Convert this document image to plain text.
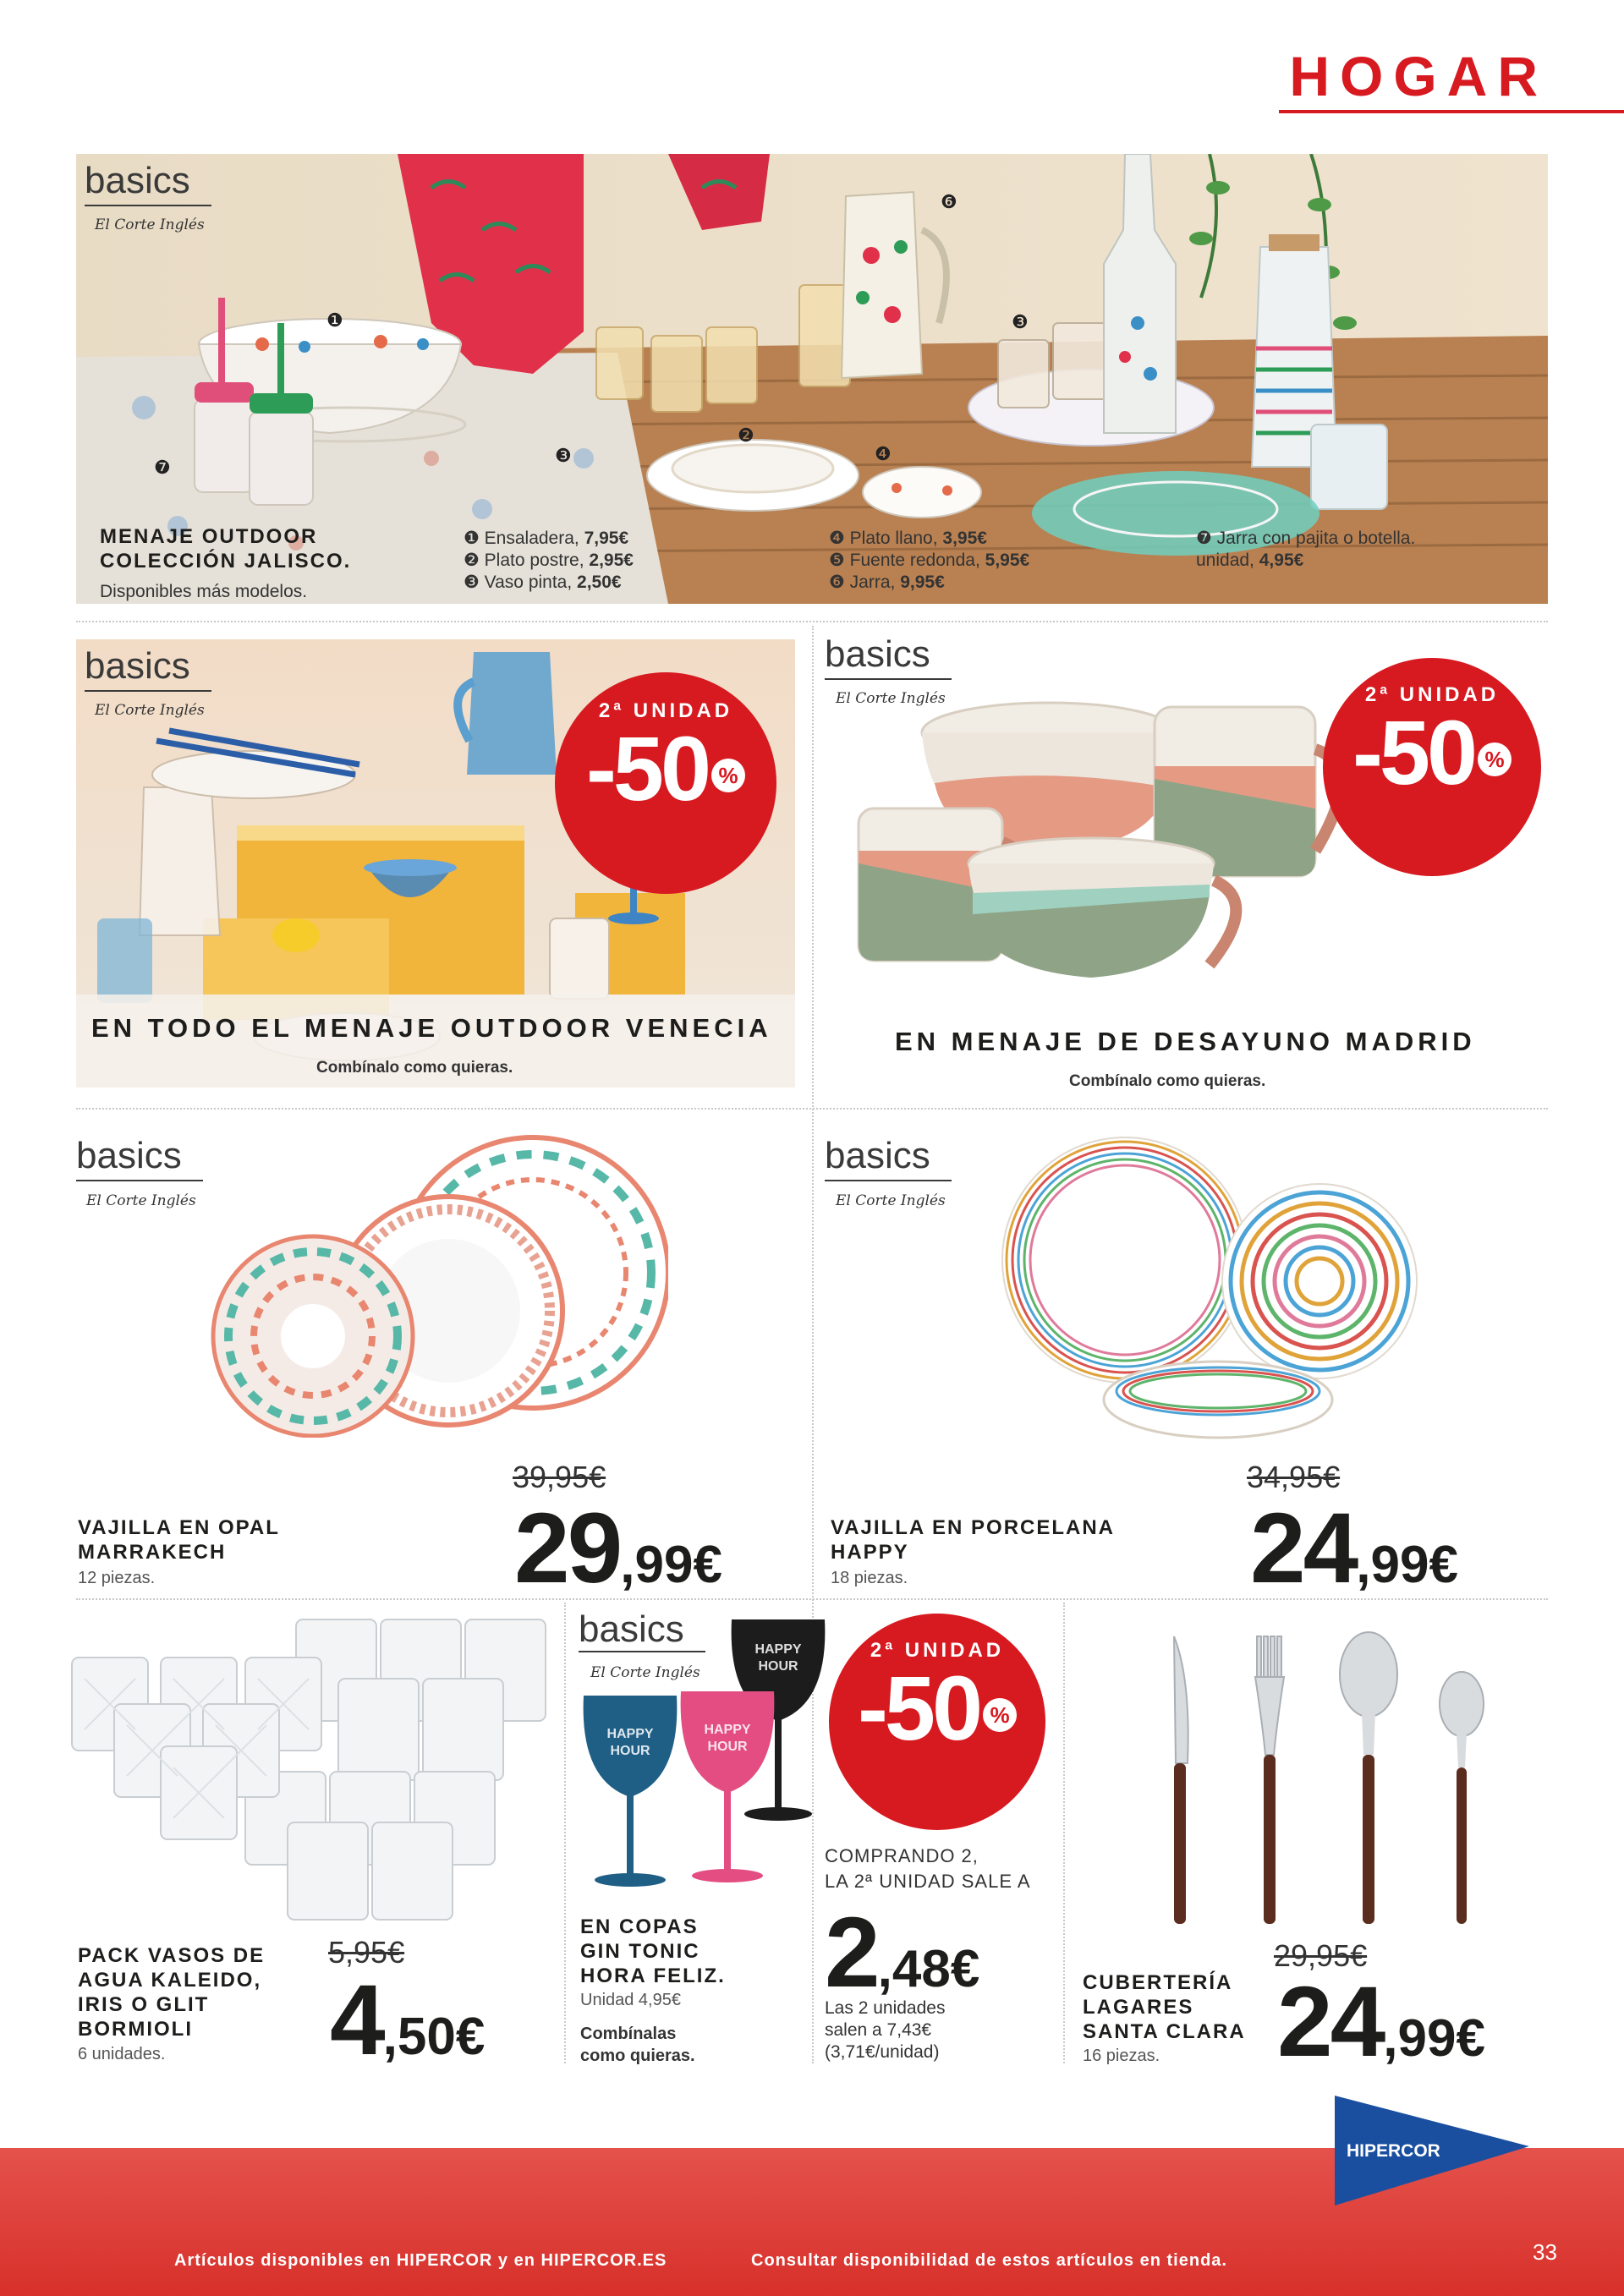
HOGAR
❶
❷
❸	❹
❻
❸
❼
basics
El Corte Inglés
MENAJE OUTDOOR
COLECCIÓN JALISCO.
Disponibles más modelos.
❶ Ensaladera, 7,95€
❷ Plato postre, 2,95€
❸ Vaso pinta, 2,50€
❹ Plato llano, 3,95€
❺ Fuente redonda, 5,95€
❻ Jarra, 9,95€
❼ Jarra con pajita o botella.
unidad, 4,95€
basics
El Corte Inglés	2ª UNIDAD
-50 %
EN TODO EL MENAJE OUTDOOR VENECIA
Combínalo como quieras.
basics
El Corte Inglés	2ª UNIDAD
-50 %
EN MENAJE DE DESAYUNO MADRID
Combínalo como quieras.
basics
El Corte Inglés
39,95€
29,99€
VAJILLA EN OPAL
MARRAKECH
12 piezas.
basics
El Corte Inglés
34,95€
24,99€
VAJILLA EN PORCELANA
HAPPY
18 piezas.
5,95€
4,50€
PACK VASOS DE
AGUA KALEIDO,
IRIS O GLIT
BORMIOLI
6 unidades.
HAPPY
HOUR
HAPPY
HOUR
HAPPY
HOUR
basics
El Corte Inglés
2ª UNIDAD
-50 %
COMPRANDO 2,
LA 2ª UNIDAD SALE A
2,48€
Las 2 unidades
salen a 7,43€
(3,71€/unidad)
EN COPAS
GIN TONIC
HORA FELIZ.
Unidad 4,95€
Combínalas
como quieras.
29,95€
24,99€
CUBERTERÍA
LAGARES
SANTA CLARA
16 piezas.
HIPERCOR
Artículos disponibles en HIPERCOR y en HIPERCOR.ES	Consultar disponibilidad de estos artículos en tienda.	33
